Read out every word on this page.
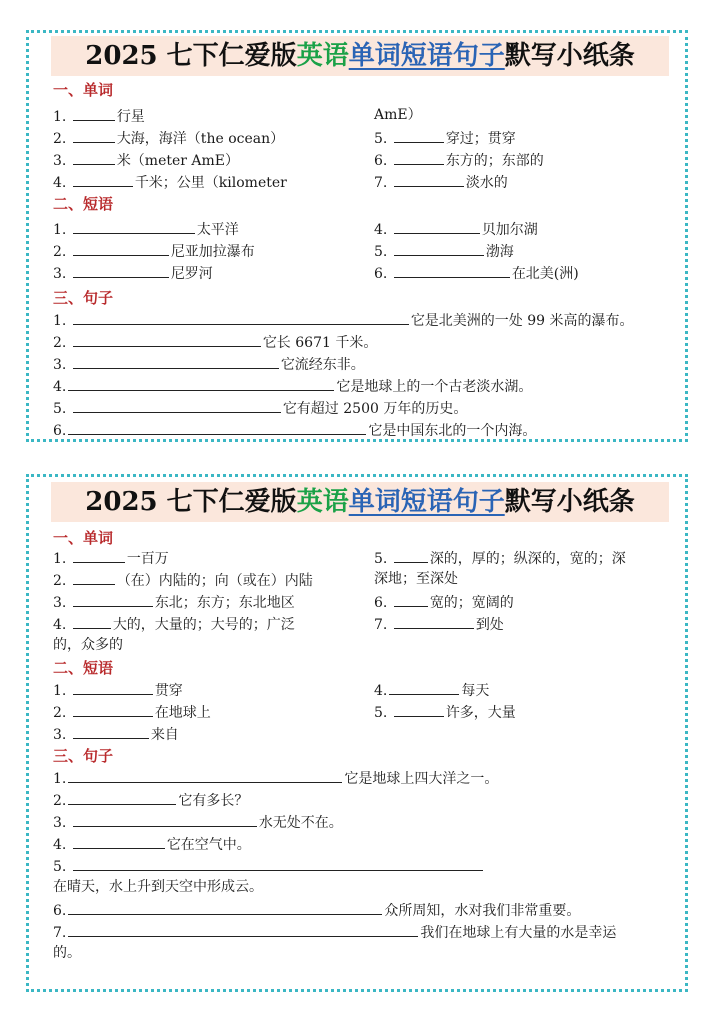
2025 七下仁爱版英语单词短语句子默写小纸条
一、单词
1.	行星
2.	大海，海洋（the ocean）
3.	米（meter AmE）
4.	千米；公里（kilometer
AmE）
5.	穿过；贯穿
6.	东方的；东部的
7.	淡水的
二、短语
1.	太平洋
2.	尼亚加拉瀑布
3.	尼罗河
4.	贝加尔湖
5.	渤海
6.	在北美(洲)
三、句子
1.	它是北美洲的一处 99 米高的瀑布。
2.	它长 6671 千米。
3.	它流经东非。
4.	它是地球上的一个古老淡水湖。
5.	它有超过 2500 万年的历史。
6.	它是中国东北的一个内海。
2025 七下仁爱版英语单词短语句子默写小纸条
一、单词
1.	一百万
2.	（在）内陆的；向（或在）内陆
3.	东北；东方；东北地区
4.	大的，大量的；大号的；广泛
的，众多的
5.	深的，厚的；纵深的，宽的；深
深地；至深处
6.	宽的；宽阔的
7.	到处
二、短语
1.	贯穿
2.	在地球上
3.	来自
4.	每天
5.	许多，大量
三、句子
1.	它是地球上四大洋之一。
2.	它有多长？
3.	水无处不在。
4.	它在空气中。
5.
在晴天，水上升到天空中形成云。
6.	众所周知，水对我们非常重要。
7.	我们在地球上有大量的水是幸运
的。
